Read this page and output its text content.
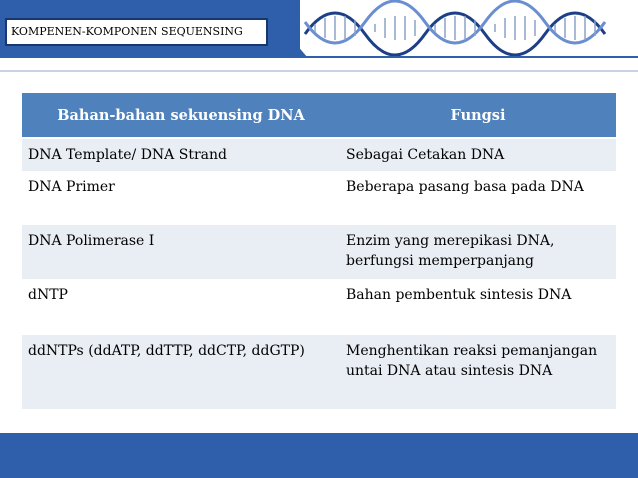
KOMPENEN-KOMPONEN SEQUENSING
Bahan-bahan sekuensing DNA	Fungsi
DNA Template/ DNA Strand	Sebagai Cetakan DNA
DNA Primer	Beberapa pasang basa pada DNA
DNA Polimerase I	Enzim yang merepikasi DNA, berfungsi memperpanjang
dNTP	Bahan pembentuk sintesis DNA
ddNTPs (ddATP, ddTTP, ddCTP, ddGTP)	Menghentikan reaksi pemanjangan untai DNA atau sintesis DNA
